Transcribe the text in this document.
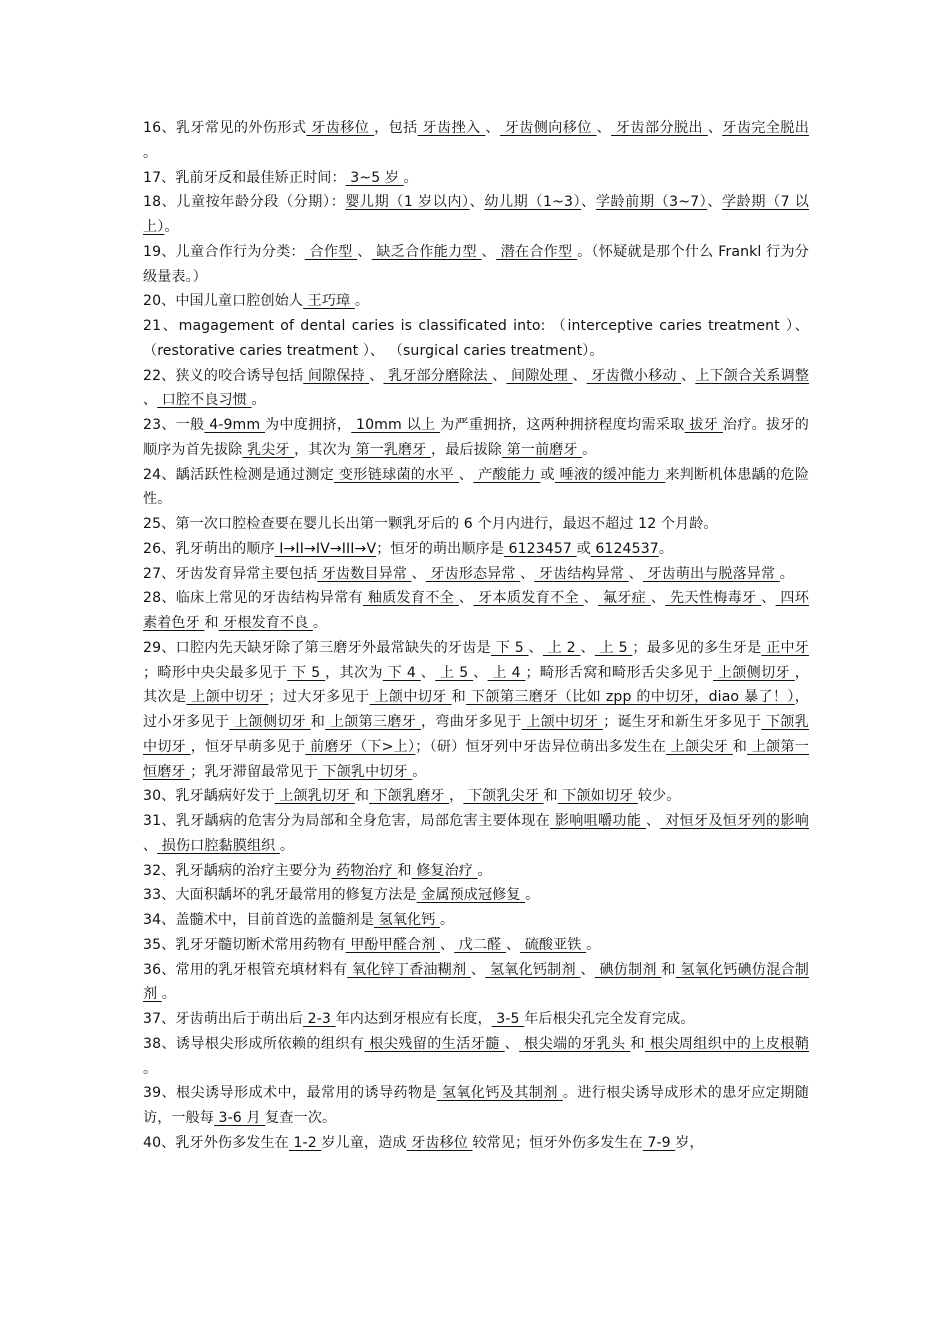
16、乳牙常见的外伤形式 牙齿移位 ，包括 牙齿挫入 、 牙齿侧向移位 、 牙齿部分脱出 、牙齿完全脱出 。

17、乳前牙反和最佳矫正时间： 3~5 岁 。

18、儿童按年龄分段（分期）：婴儿期（1 岁以内）、幼儿期（1~3）、学龄前期（3~7）、学龄期（7 以上）。

19、儿童合作行为分类： 合作型 、 缺乏合作能力型 、 潜在合作型 。（怀疑就是那个什么 Frankl 行为分级量表。）

20、中国儿童口腔创始人 王巧璋 。

21、magagement of dental caries is classificated into: （interceptive caries treatment ）、 （restorative caries treatment ）、 （surgical caries treatment）。

22、狭义的咬合诱导包括 间隙保持 、 乳牙部分磨除法 、 间隙处理 、 牙齿微小移动 、上下颌合关系调整 、 口腔不良习惯 。

23、一般 4-9mm 为中度拥挤， 10mm 以上 为严重拥挤，这两种拥挤程度均需采取 拔牙 治疗。拔牙的顺序为首先拔除 乳尖牙 ，其次为 第一乳磨牙 ，最后拔除 第一前磨牙 。

24、龋活跃性检测是通过测定 变形链球菌的水平 、 产酸能力 或 唾液的缓冲能力 来判断机体患龋的危险性。

25、第一次口腔检查要在婴儿长出第一颗乳牙后的 6 个月内进行，最迟不超过 12 个月龄。

26、乳牙萌出的顺序 I→II→IV→III→V；恒牙的萌出顺序是 6123457 或 6124537。

27、牙齿发育异常主要包括 牙齿数目异常 、 牙齿形态异常 、 牙齿结构异常 、 牙齿萌出与脱落异常 。

28、临床上常见的牙齿结构异常有 釉质发育不全 、 牙本质发育不全 、 氟牙症 、 先天性梅毒牙 、 四环素着色牙 和 牙根发育不良 。

29、口腔内先天缺牙除了第三磨牙外最常缺失的牙齿是 下 5 、 上 2 、 上 5 ；最多见的多生牙是 正中牙 ；畸形中央尖最多见于 下 5 ，其次为 下 4 、 上 5 、 上 4 ；畸形舌窝和畸形舌尖多见于 上颌侧切牙 ， 其次是 上颌中切牙 ；过大牙多见于 上颌中切牙 和 下颌第三磨牙（比如 zpp 的中切牙，diao 暴了！），过小牙多见于 上颌侧切牙 和 上颌第三磨牙 ，弯曲牙多见于 上颌中切牙 ；诞生牙和新生牙多见于 下颌乳中切牙 ，恒牙早萌多见于 前磨牙（下>上）；（研）恒牙列中牙齿异位萌出多发生在 上颌尖牙 和 上颌第一恒磨牙 ；乳牙滞留最常见于 下颌乳中切牙 。

30、乳牙龋病好发于 上颌乳切牙 和 下颌乳磨牙 ， 下颌乳尖牙 和 下颌如切牙 较少。

31、乳牙龋病的危害分为局部和全身危害，局部危害主要体现在 影响咀嚼功能 、 对恒牙及恒牙列的影响 、 损伤口腔黏膜组织 。

32、乳牙龋病的治疗主要分为 药物治疗 和 修复治疗 。

33、大面积龋坏的乳牙最常用的修复方法是 金属预成冠修复 。

34、盖髓术中，目前首选的盖髓剂是 氢氧化钙 。

35、乳牙牙髓切断术常用药物有 甲酚甲醛合剂 、 戊二醛 、 硫酸亚铁 。

36、常用的乳牙根管充填材料有 氧化锌丁香油糊剂 、 氢氧化钙制剂 、 碘仿制剂 和 氢氧化钙碘仿混合制剂 。

37、牙齿萌出后于萌出后 2-3 年内达到牙根应有长度， 3-5 年后根尖孔完全发育完成。

38、诱导根尖形成所依赖的组织有 根尖残留的生活牙髓 、 根尖端的牙乳头 和 根尖周组织中的上皮根鞘 。

39、根尖诱导形成术中，最常用的诱导药物是 氢氧化钙及其制剂 。进行根尖诱导成形术的患牙应定期随访，一般每 3-6 月 复查一次。

40、乳牙外伤多发生在 1-2 岁儿童，造成 牙齿移位 较常见；恒牙外伤多发生在 7-9 岁，
